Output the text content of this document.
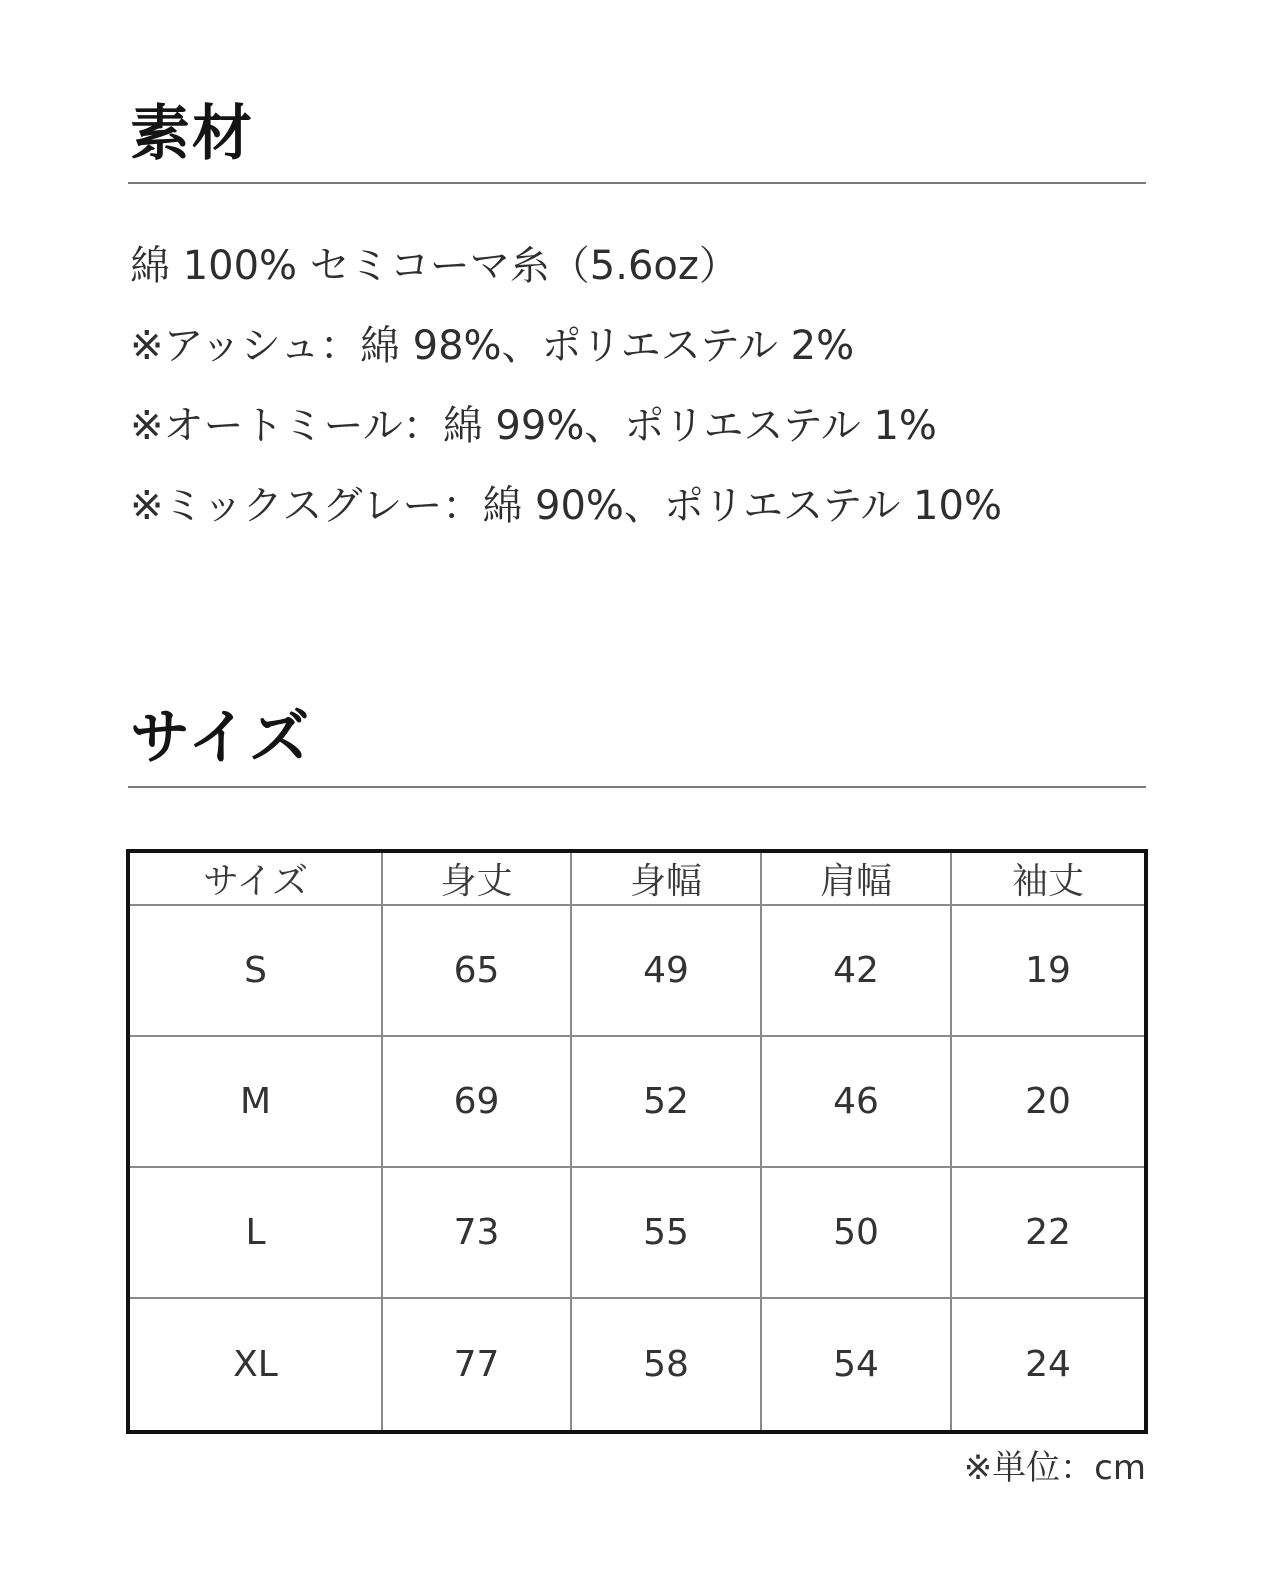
素材
綿 100% セミコーマ糸（5.6oz）
※アッシュ：綿 98%、ポリエステル 2%
※オートミール：綿 99%、ポリエステル 1%
※ミックスグレー：綿 90%、ポリエステル 10%
サイズ
サイズ	身丈	身幅	肩幅	袖丈
S	65	49	42	19
M	69	52	46	20
L	73	55	50	22
XL	77	58	54	24
※単位：cm
